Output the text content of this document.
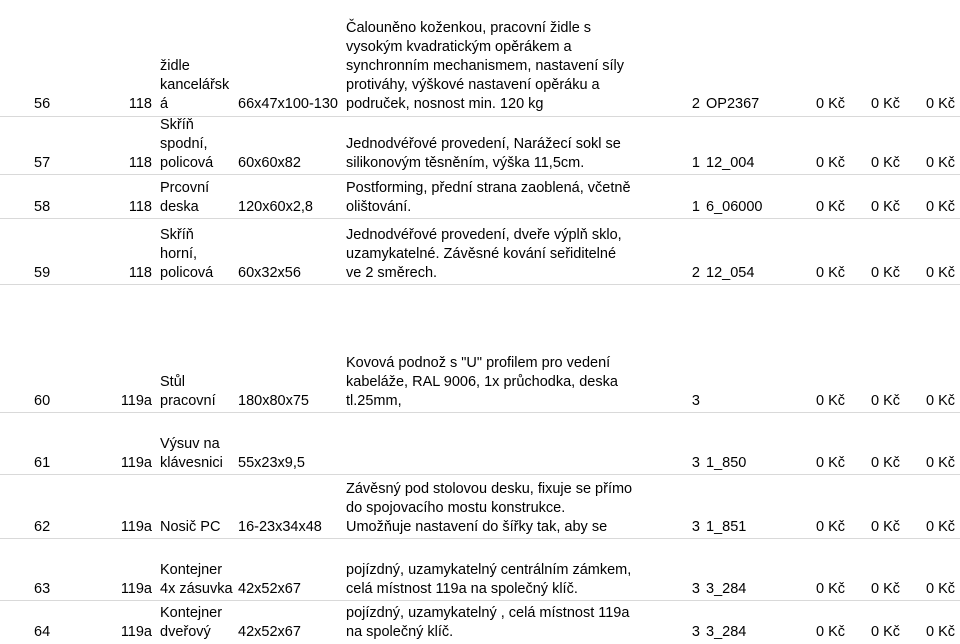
56	118
židle
kancelářsk
á	66x47x100-130
Čalouněno koženkou, pracovní židle s
vysokým kvadratickým opěrákem a
synchronním mechanismem, nastavení síly
protiváhy, výškové nastavení opěráku a
područek, nosnost min. 120 kg	2 OP2367	0 Kč	0 Kč	0 Kč
57	118
Skříň
spodní,
policová 60x60x82
Jednodvéřové provedení, Narážecí sokl se
silikonovým těsněním, výška 11,5cm.	1 12_004	0 Kč	0 Kč	0 Kč
58	118
Prcovní
deska	120x60x2,8
Postforming, přední strana zaoblená, včetně
olištování.	1 6_06000	0 Kč	0 Kč	0 Kč
59	118
Skříň
horní,
policová 60x32x56
Jednodvéřové provedení, dveře výplň sklo,
uzamykatelné. Závěsné kování seřiditelné
ve 2 směrech.	2 12_054	0 Kč	0 Kč	0 Kč
60	119a
Stůl
pracovní 180x80x75
Kovová podnož s "U" profilem pro vedení
kabeláže, RAL 9006, 1x průchodka, deska
tl.25mm,	3	0 Kč	0 Kč	0 Kč
61	119a
Výsuv na
klávesnici 55x23x9,5	3 1_850	0 Kč	0 Kč	0 Kč
62	119a Nosič PC 16-23x34x48
Závěsný pod stolovou desku, fixuje se přímo
do spojovacího mostu konstrukce.
Umožňuje nastavení do šířky tak, aby se	3 1_851	0 Kč	0 Kč	0 Kč
63	119a
Kontejner
4x zásuvka 42x52x67
pojízdný, uzamykatelný centrálním zámkem,
celá místnost 119a na společný klíč.	3 3_284	0 Kč	0 Kč	0 Kč
64	119a
Kontejner
dveřový	42x52x67
pojízdný, uzamykatelný , celá místnost 119a
na společný klíč.	3 3_284	0 Kč	0 Kč	0 Kč
